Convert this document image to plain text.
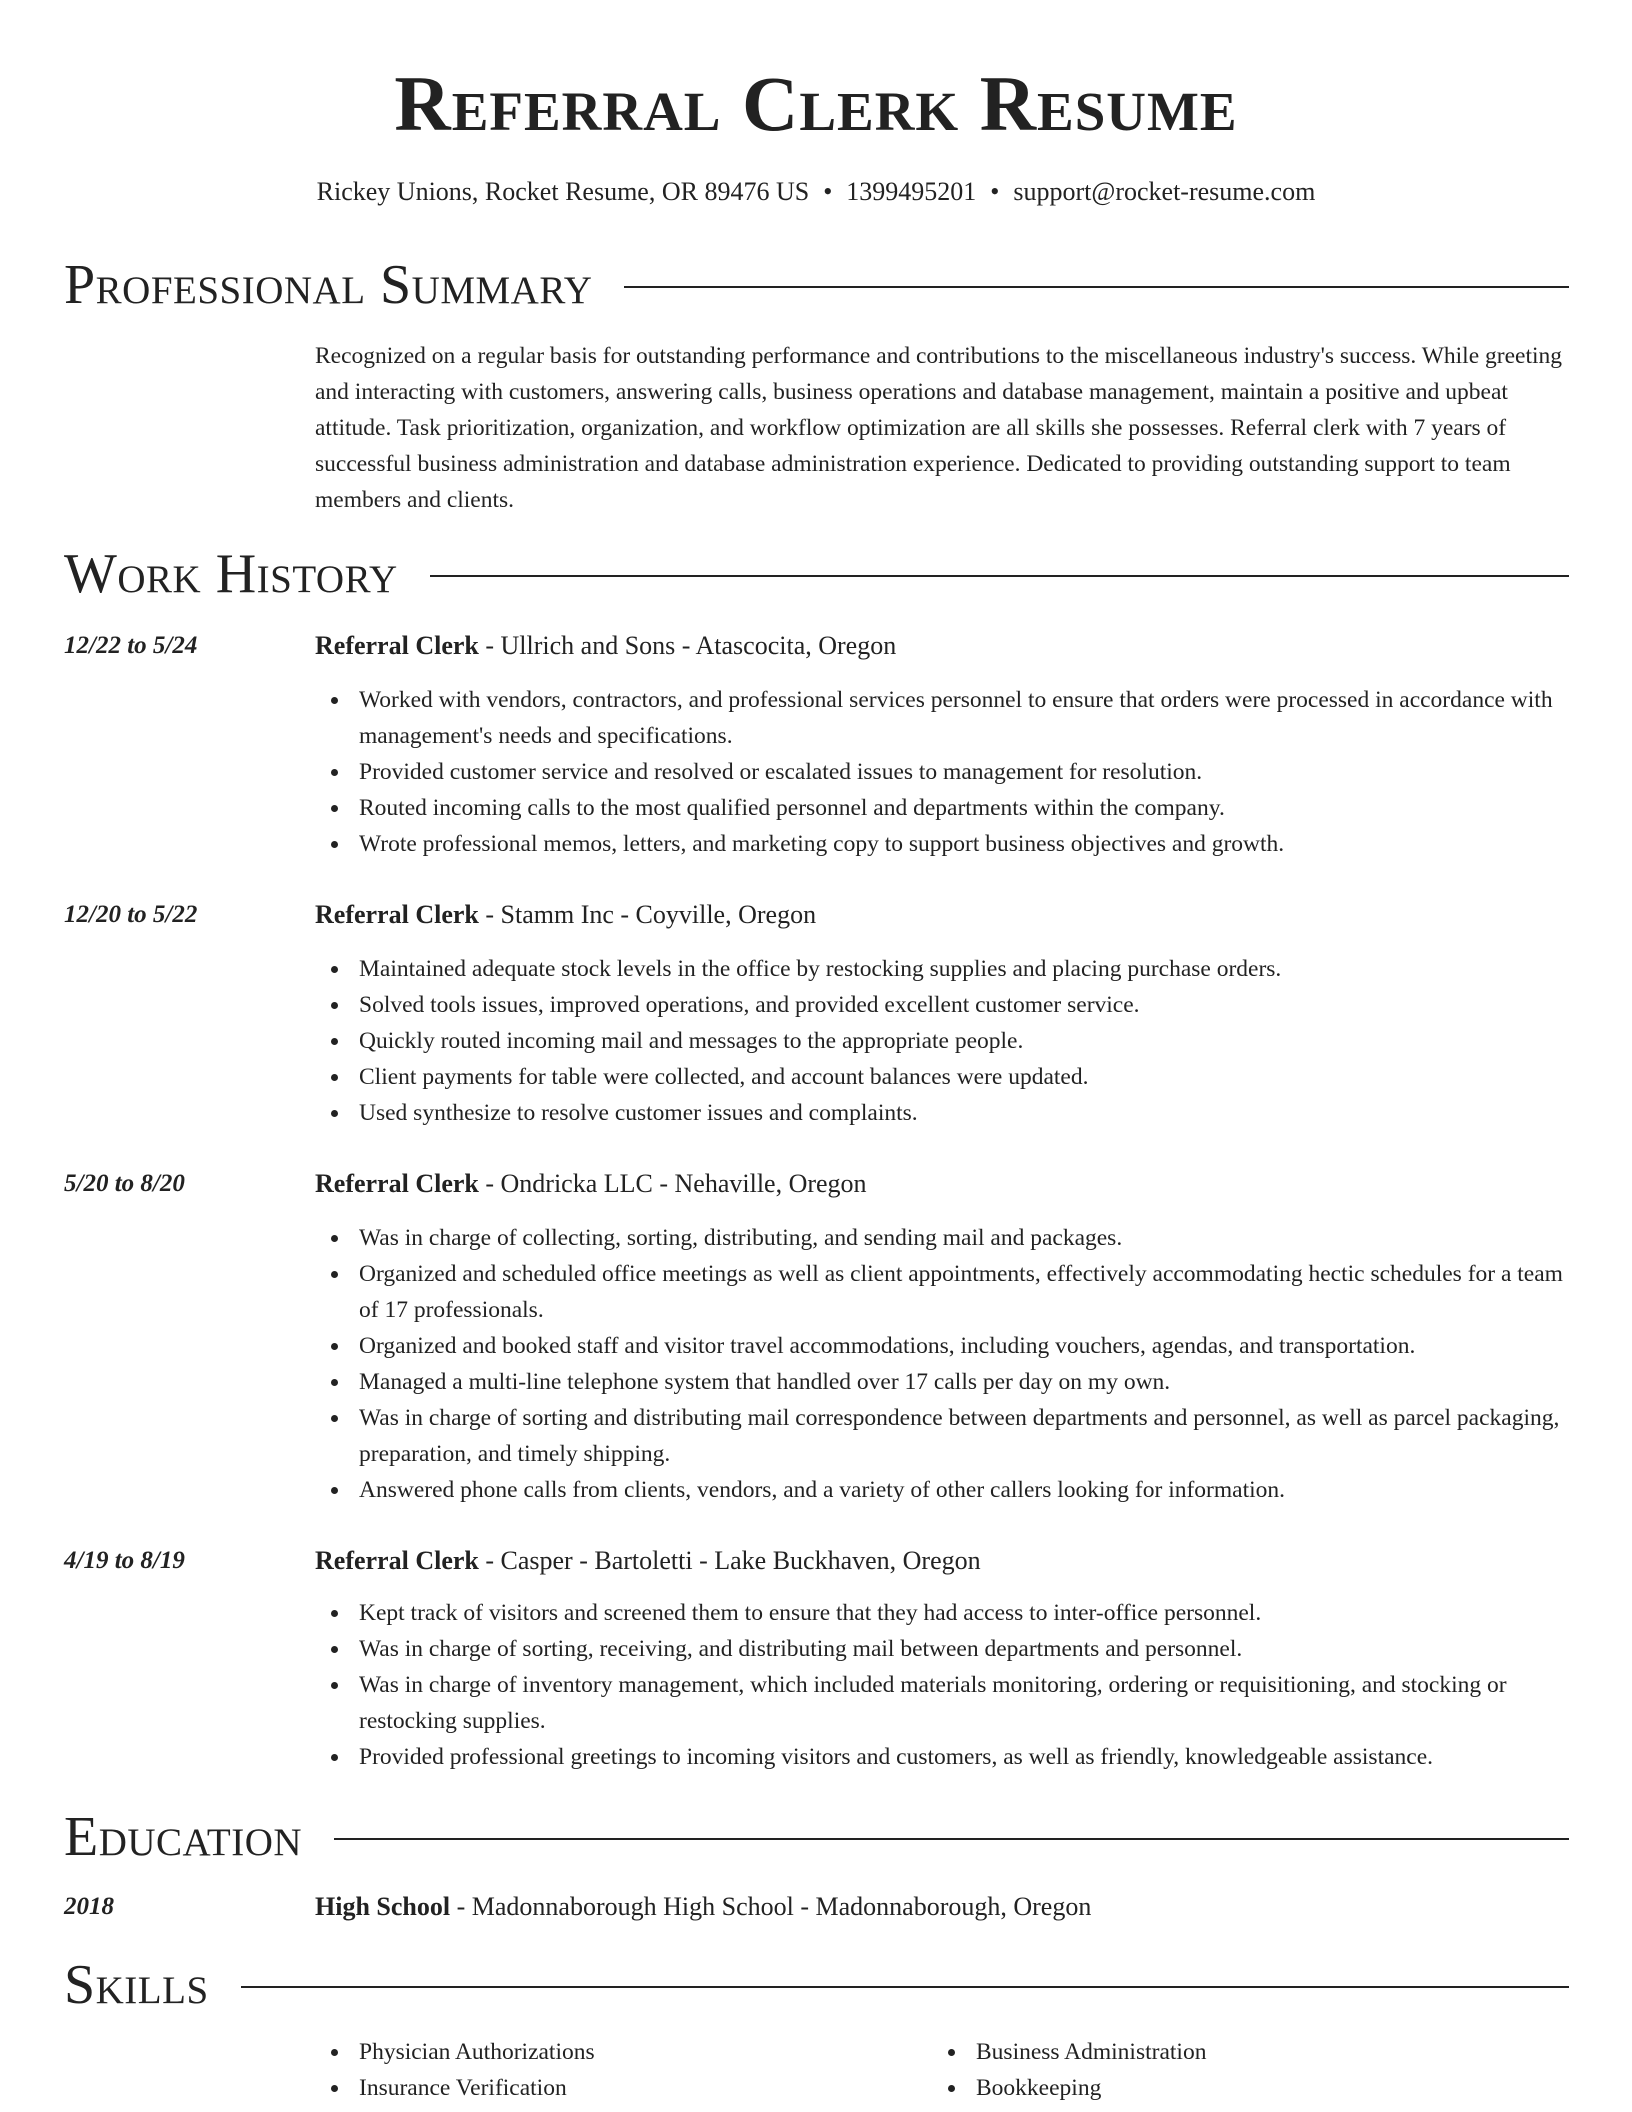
Referral Clerk Resume
Rickey Unions, Rocket Resume, OR 89476 US • 1399495201 • support@rocket-resume.com
Professional Summary

Recognized on a regular basis for outstanding performance and contributions to the miscellaneous industry's success. While greeting and interacting with customers, answering calls, business operations and database management, maintain a positive and upbeat attitude. Task prioritization, organization, and workflow optimization are all skills she possesses. Referral clerk with 7 years of successful business administration and database administration experience. Dedicated to providing outstanding support to team members and clients.

Work History
12/22 to 5/24	Referral Clerk - Ullrich and Sons - Atascocita, Oregon
Worked with vendors, contractors, and professional services personnel to ensure that orders were processed in accordance with management's needs and specifications.
Provided customer service and resolved or escalated issues to management for resolution.
Routed incoming calls to the most qualified personnel and departments within the company.
Wrote professional memos, letters, and marketing copy to support business objectives and growth.
12/20 to 5/22	Referral Clerk - Stamm Inc - Coyville, Oregon
Maintained adequate stock levels in the office by restocking supplies and placing purchase orders.
Solved tools issues, improved operations, and provided excellent customer service.
Quickly routed incoming mail and messages to the appropriate people.
Client payments for table were collected, and account balances were updated.
Used synthesize to resolve customer issues and complaints.
5/20 to 8/20	Referral Clerk - Ondricka LLC - Nehaville, Oregon
Was in charge of collecting, sorting, distributing, and sending mail and packages.
Organized and scheduled office meetings as well as client appointments, effectively accommodating hectic schedules for a team of 17 professionals.
Organized and booked staff and visitor travel accommodations, including vouchers, agendas, and transportation.
Managed a multi-line telephone system that handled over 17 calls per day on my own.
Was in charge of sorting and distributing mail correspondence between departments and personnel, as well as parcel packaging, preparation, and timely shipping.
Answered phone calls from clients, vendors, and a variety of other callers looking for information.
4/19 to 8/19	Referral Clerk - Casper - Bartoletti - Lake Buckhaven, Oregon
Kept track of visitors and screened them to ensure that they had access to inter-office personnel.
Was in charge of sorting, receiving, and distributing mail between departments and personnel.
Was in charge of inventory management, which included materials monitoring, ordering or requisitioning, and stocking or restocking supplies.
Provided professional greetings to incoming visitors and customers, as well as friendly, knowledgeable assistance.
Education
2018	High School - Madonnaborough High School - Madonnaborough, Oregon
Skills
Physician Authorizations
Insurance Verification
Business Administration
Bookkeeping
